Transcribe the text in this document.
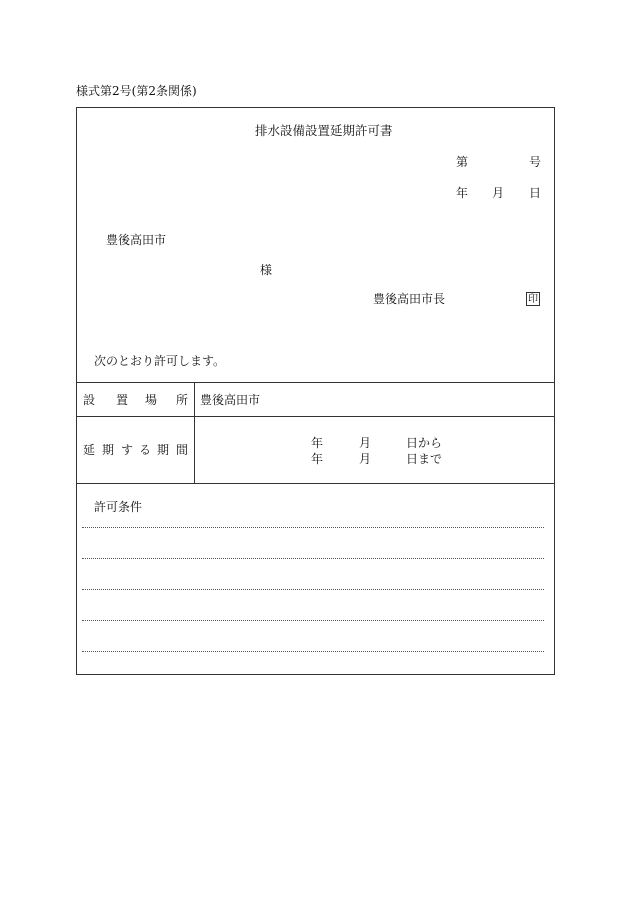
様式第2号(第2条関係)
排水設備設置延期許可書
第	号
年 月 日
豊後高田市
様
豊後高田市長	印
次のとおり許可します。
設 置 場 所 豊後高田市
延 期 す る 期 間	年	月	日から
年	月	日まで
許可条件
